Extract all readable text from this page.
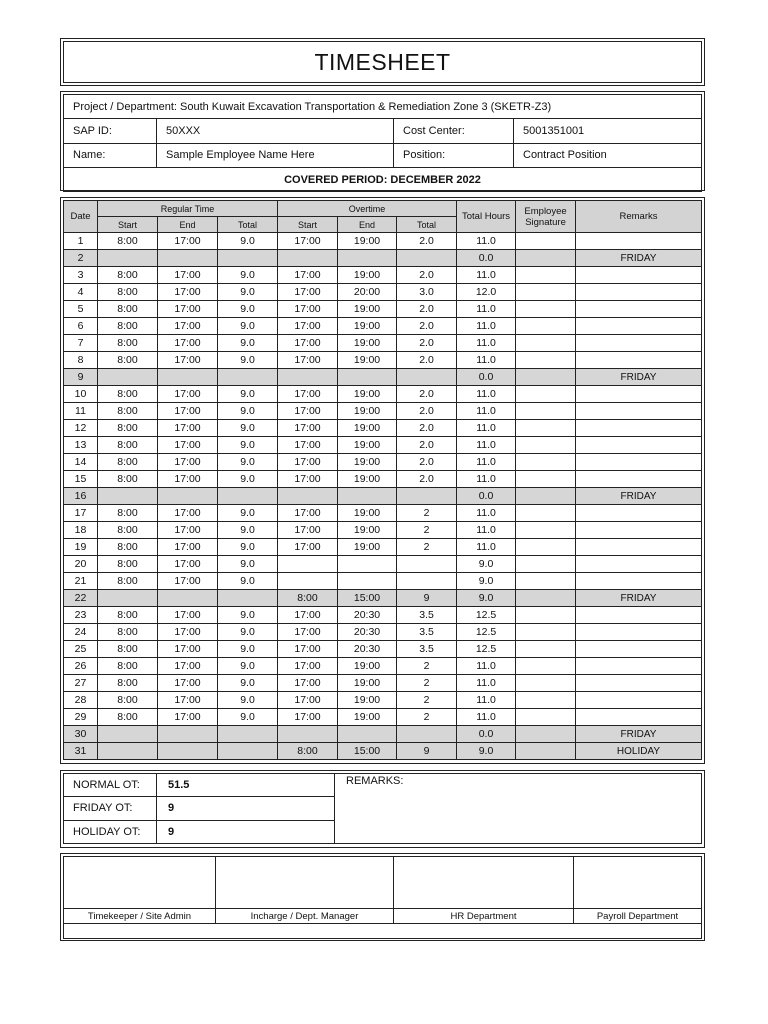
TIMESHEET
Project / Department: South Kuwait Excavation Transportation & Remediation Zone 3 (SKETR-Z3)			
SAP ID:	50XXX	Cost Center:	5001351001
Name:	Sample Employee Name Here	Position:	Contract Position
COVERED PERIOD: DECEMBER 2022			
Date	Regular Time			Overtime			Total Hours	Employee Signature	Remarks
	Start	End	Total	Start	End	Total			
1	8:00	17:00	9.0	17:00	19:00	2.0	11.0		
2							0.0		FRIDAY
3	8:00	17:00	9.0	17:00	19:00	2.0	11.0		
4	8:00	17:00	9.0	17:00	20:00	3.0	12.0		
5	8:00	17:00	9.0	17:00	19:00	2.0	11.0		
6	8:00	17:00	9.0	17:00	19:00	2.0	11.0		
7	8:00	17:00	9.0	17:00	19:00	2.0	11.0		
8	8:00	17:00	9.0	17:00	19:00	2.0	11.0		
9							0.0		FRIDAY
10	8:00	17:00	9.0	17:00	19:00	2.0	11.0		
11	8:00	17:00	9.0	17:00	19:00	2.0	11.0		
12	8:00	17:00	9.0	17:00	19:00	2.0	11.0		
13	8:00	17:00	9.0	17:00	19:00	2.0	11.0		
14	8:00	17:00	9.0	17:00	19:00	2.0	11.0		
15	8:00	17:00	9.0	17:00	19:00	2.0	11.0		
16							0.0		FRIDAY
17	8:00	17:00	9.0	17:00	19:00	2	11.0		
18	8:00	17:00	9.0	17:00	19:00	2	11.0		
19	8:00	17:00	9.0	17:00	19:00	2	11.0		
20	8:00	17:00	9.0				9.0		
21	8:00	17:00	9.0				9.0		
22				8:00	15:00	9	9.0		FRIDAY
23	8:00	17:00	9.0	17:00	20:30	3.5	12.5		
24	8:00	17:00	9.0	17:00	20:30	3.5	12.5		
25	8:00	17:00	9.0	17:00	20:30	3.5	12.5		
26	8:00	17:00	9.0	17:00	19:00	2	11.0		
27	8:00	17:00	9.0	17:00	19:00	2	11.0		
28	8:00	17:00	9.0	17:00	19:00	2	11.0		
29	8:00	17:00	9.0	17:00	19:00	2	11.0		
30							0.0		FRIDAY
31				8:00	15:00	9	9.0		HOLIDAY
NORMAL OT:	51.5	REMARKS:
FRIDAY OT:	9	
HOLIDAY OT:	9	

Timekeeper / Site Admin	Incharge / Dept. Manager	HR Department	Payroll Department
